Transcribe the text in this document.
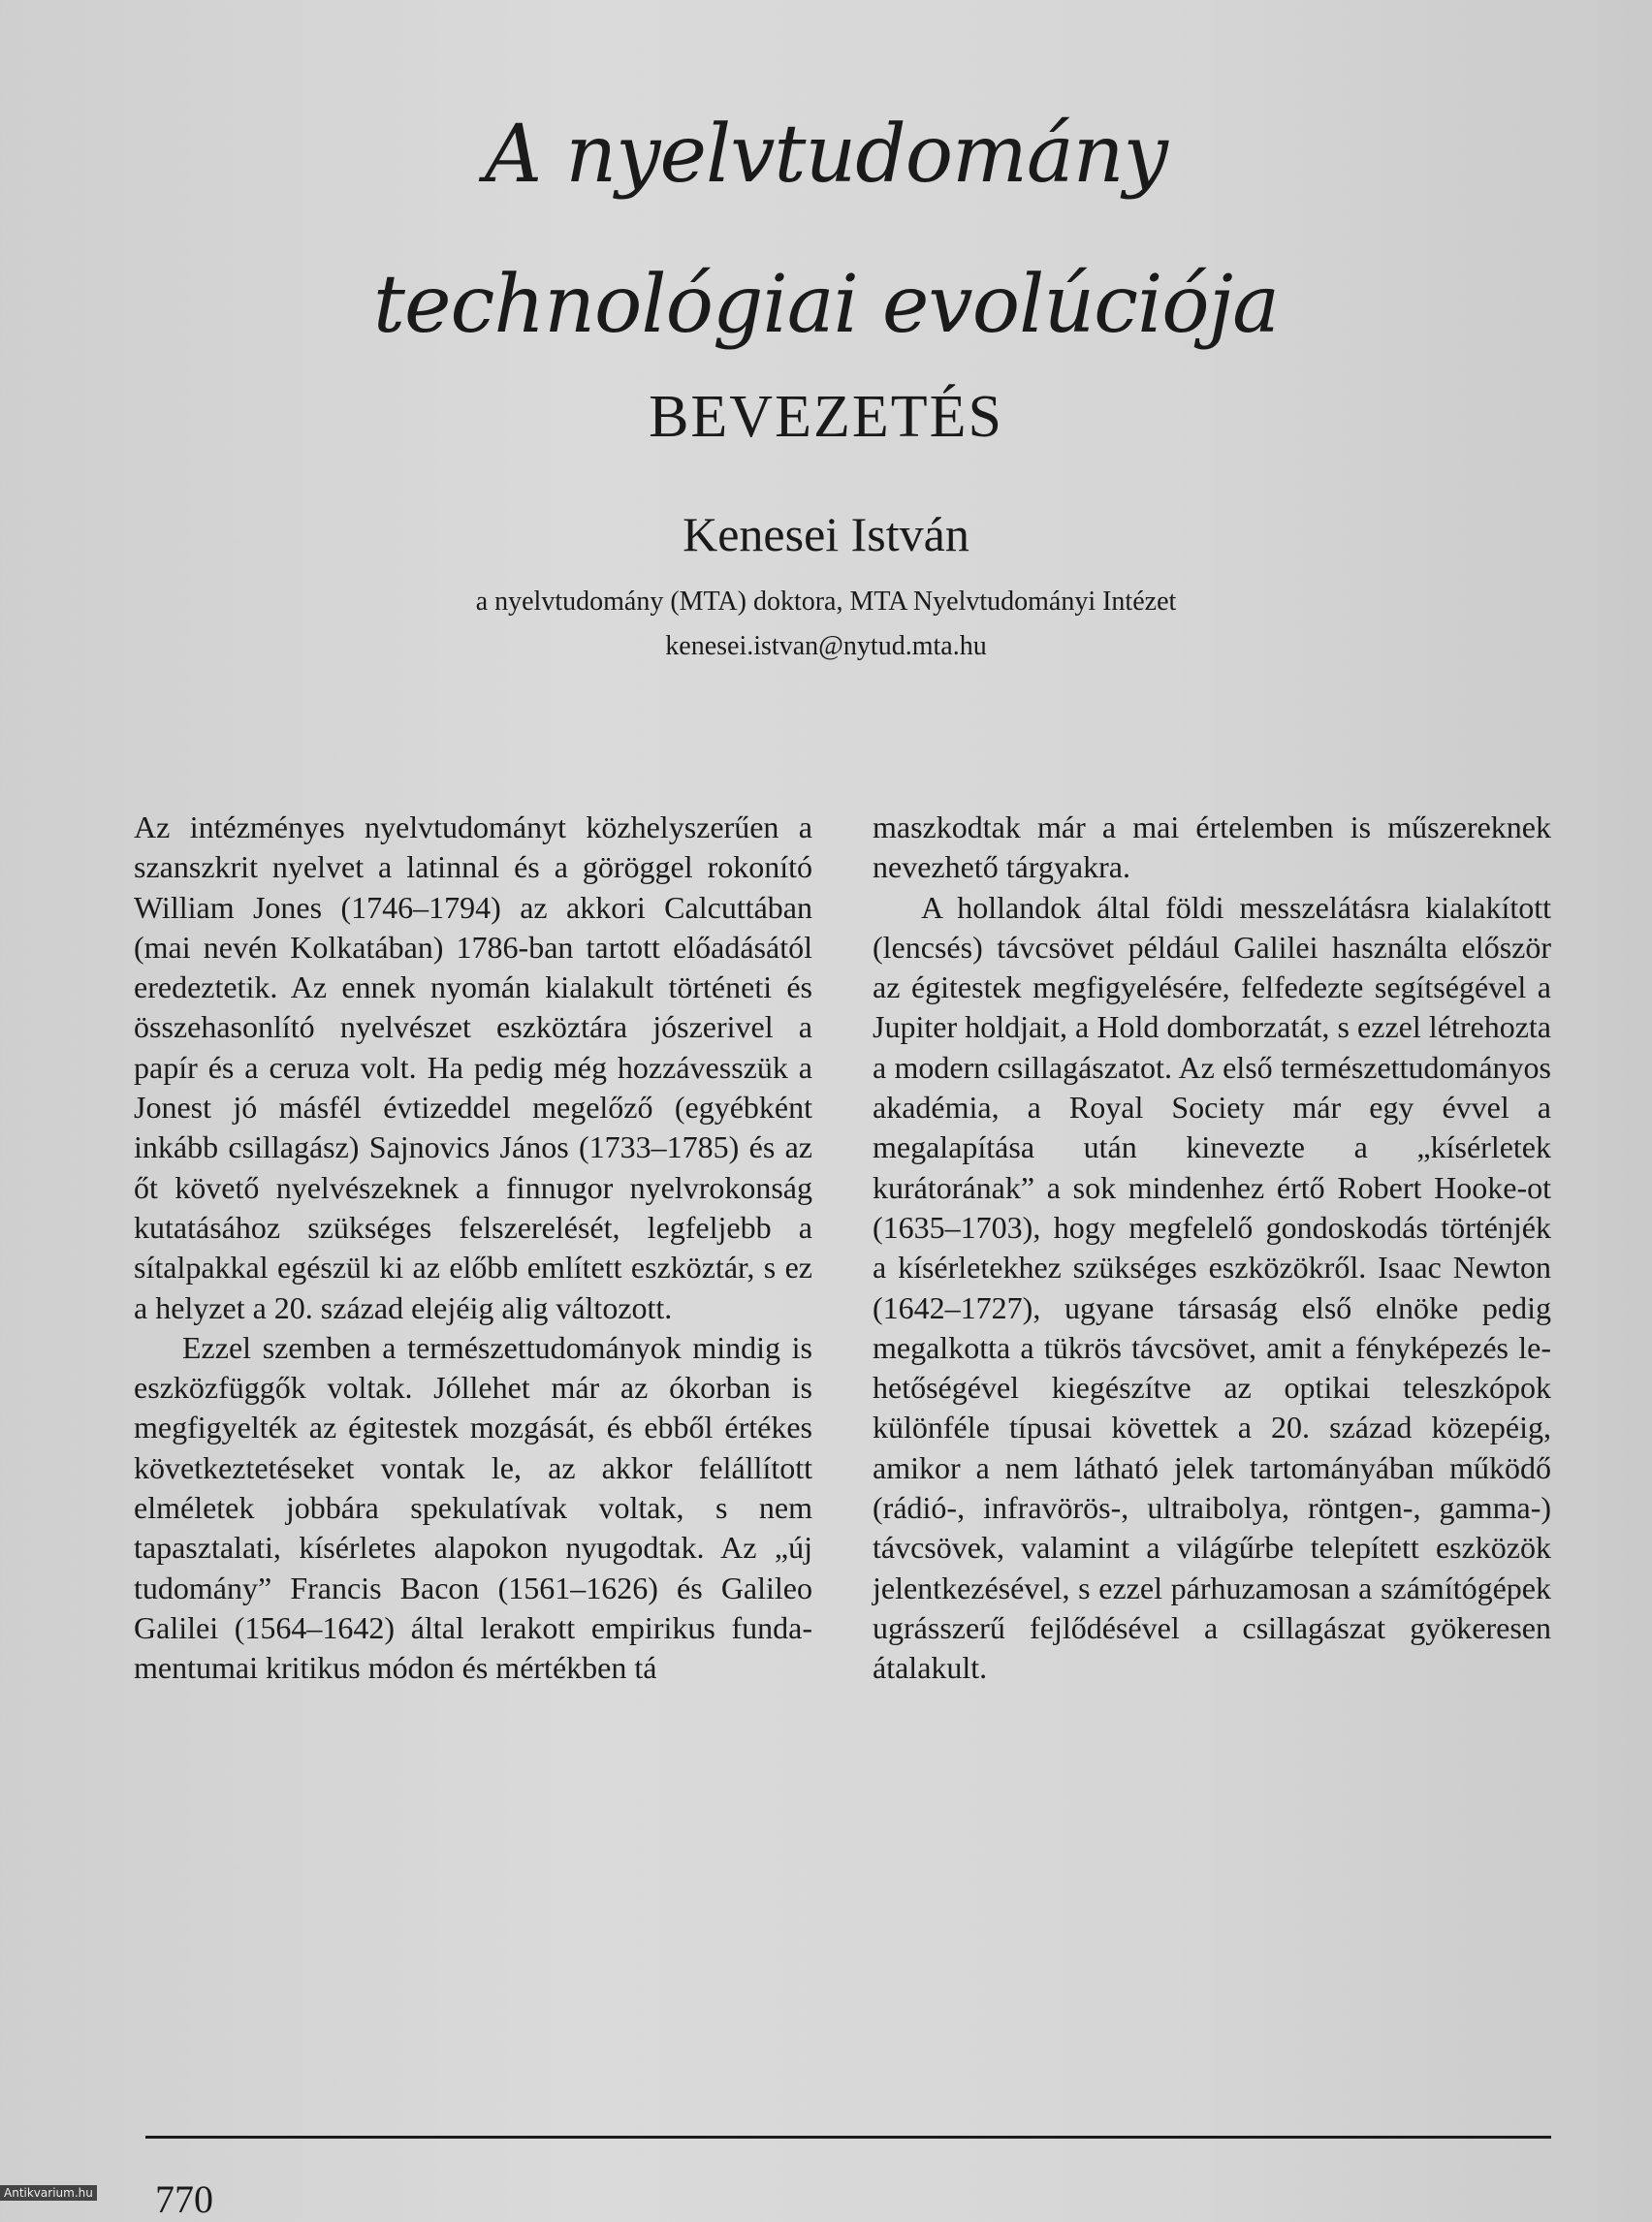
A nyelvtudomány
technológiai evolúciója
BEVEZETÉS
Kenesei István
a nyelvtudomány (MTA) doktora, MTA Nyelvtudományi Intézet
kenesei.istvan@nytud.mta.hu

Az intézményes nyelvtudományt közhelyszerűen a szanszkrit nyelvet a latinnal és a göröggel rokonító William Jones (1746–1794) az akkori Calcuttában (mai nevén Kolkatában) 1786-ban tartott előadásától eredeztetik. Az ennek nyomán kialakult történeti és összehasonlító nyelvészet eszköztára jószerivel a papír és a ceruza volt. Ha pedig még hozzávesszük a Jonest jó másfél évtizeddel megelőző (egyébként inkább csillagász) Sajnovics János (1733–1785) és az őt követő nyelvészeknek a finnugor nyelvrokonság kutatásához szükséges felszerelését, legfeljebb a sítalpakkal egészül ki az előbb említett eszköztár, s ez a helyzet a 20. század elejéig alig változott.

Ezzel szemben a természettudományok mindig is eszközfüggők voltak. Jóllehet már az ókorban is megfigyelték az égitestek mozgását, és ebből értékes következtetéseket vontak le, az akkor felállított elméletek jobbára spekulatívak voltak, s nem tapasztalati, kísérletes alapokon nyugodtak. Az „új tudomány” Francis Bacon (1561–1626) és Galileo Galilei (1564–1642) által lerakott empirikus fundamentumai kritikus módon és mértékben tá

maszkodtak már a mai értelemben is műszereknek nevezhető tárgyakra.

A hollandok által földi messzelátásra kialakított (lencsés) távcsövet például Galilei használta először az égitestek megfigyelésére, felfedezte segítségével a Jupiter holdjait, a Hold domborzatát, s ezzel létrehozta a modern csillagászatot. Az első természettudományos akadémia, a Royal Society már egy évvel a megalapítása után kinevezte a „kísérletek kurátorának” a sok mindenhez értő Robert Hooke-ot (1635–1703), hogy megfelelő gondoskodás történjék a kísérletekhez szükséges eszközökről. Isaac Newton (1642–1727), ugyane társaság első elnöke pedig megalkotta a tükrös távcsövet, amit a fényképezés lehetőségével kiegészítve az optikai teleszkópok különféle típusai követtek a 20. század közepéig, amikor a nem látható jelek tartományában működő (rádió-, infravörös-, ultraibolya, röntgen-, gamma-) távcsövek, valamint a világűrbe telepített eszközök jelentkezésével, s ezzel párhuzamosan a számítógépek ugrásszerű fejlődésével a csillagászat gyökeresen átalakult.

770
Antikvarium.hu
